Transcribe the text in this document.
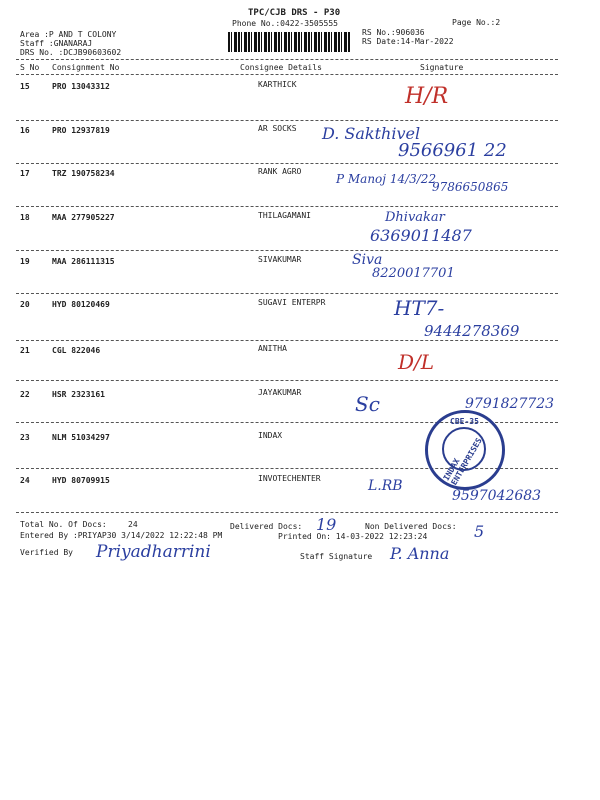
TPC/CJB DRS - P30
Phone No.:0422-3505555
Area :P AND T COLONY
Staff :GNANARAJ
DRS No. :DCJB90603602
RS No.:906036
RS Date:14-Mar-2022
Page No.:2
S No Consignment No	Consignee Details	Signature
15	PRO 13043312	KARTHICK	H/R
16	PRO 12937819	AR SOCKS D. Sakthivel
9566961 22
17	TRZ 190758234	RANK AGRO
P Manoj 14/3/22
9786650865
18	MAA 277905227	THILAGAMANI	Dhivakar
6369011487
19	MAA 286111315	SIVAKUMAR	Siva
8220017701
20	HYD 80120469	SUGAVI ENTERPR	HT7-
9444278369
21	CGL 822046	ANITHA
D/L
22	HSR 2323161	JAYAKUMAR	Sc	9791827723
23	NLM 51034297	INDAX
24	HYD 80709915	INVOTECHENTER	L.RB
9597042683
INDAX ENTERPRISES
CBE-35
Total No. Of Docs:	24	Delivered Docs: 19	Non Delivered Docs: 5
Entered By :PRIYAP30 3/14/2022 12:22:48 PM	Printed On: 14-03-2022 12:23:24
Verified By Priyadharrini	Staff Signature P. Anna
